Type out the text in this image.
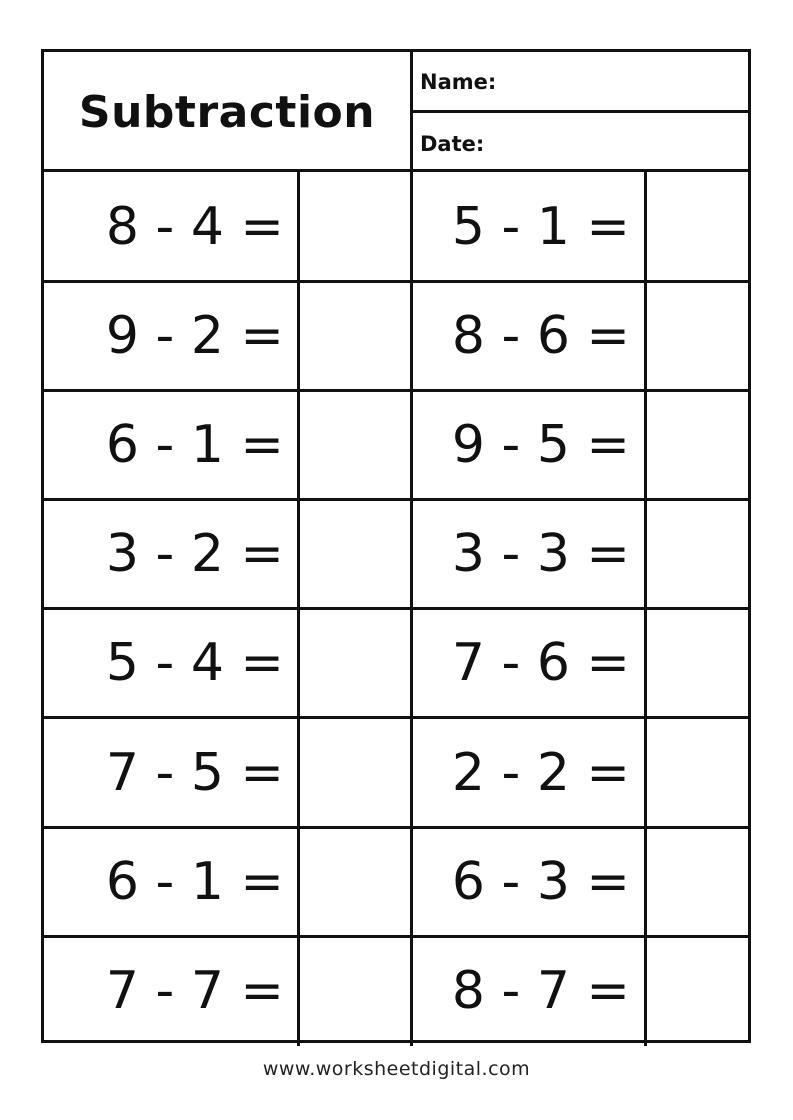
Subtraction
Name:
Date:
8 - 4 =	5 - 1 =
9 - 2 =	8 - 6 =
6 - 1 =	9 - 5 =
3 - 2 =	3 - 3 =
5 - 4 =	7 - 6 =
7 - 5 =	2 - 2 =
6 - 1 =	6 - 3 =
7 - 7 =	8 - 7 =
www.worksheetdigital.com
